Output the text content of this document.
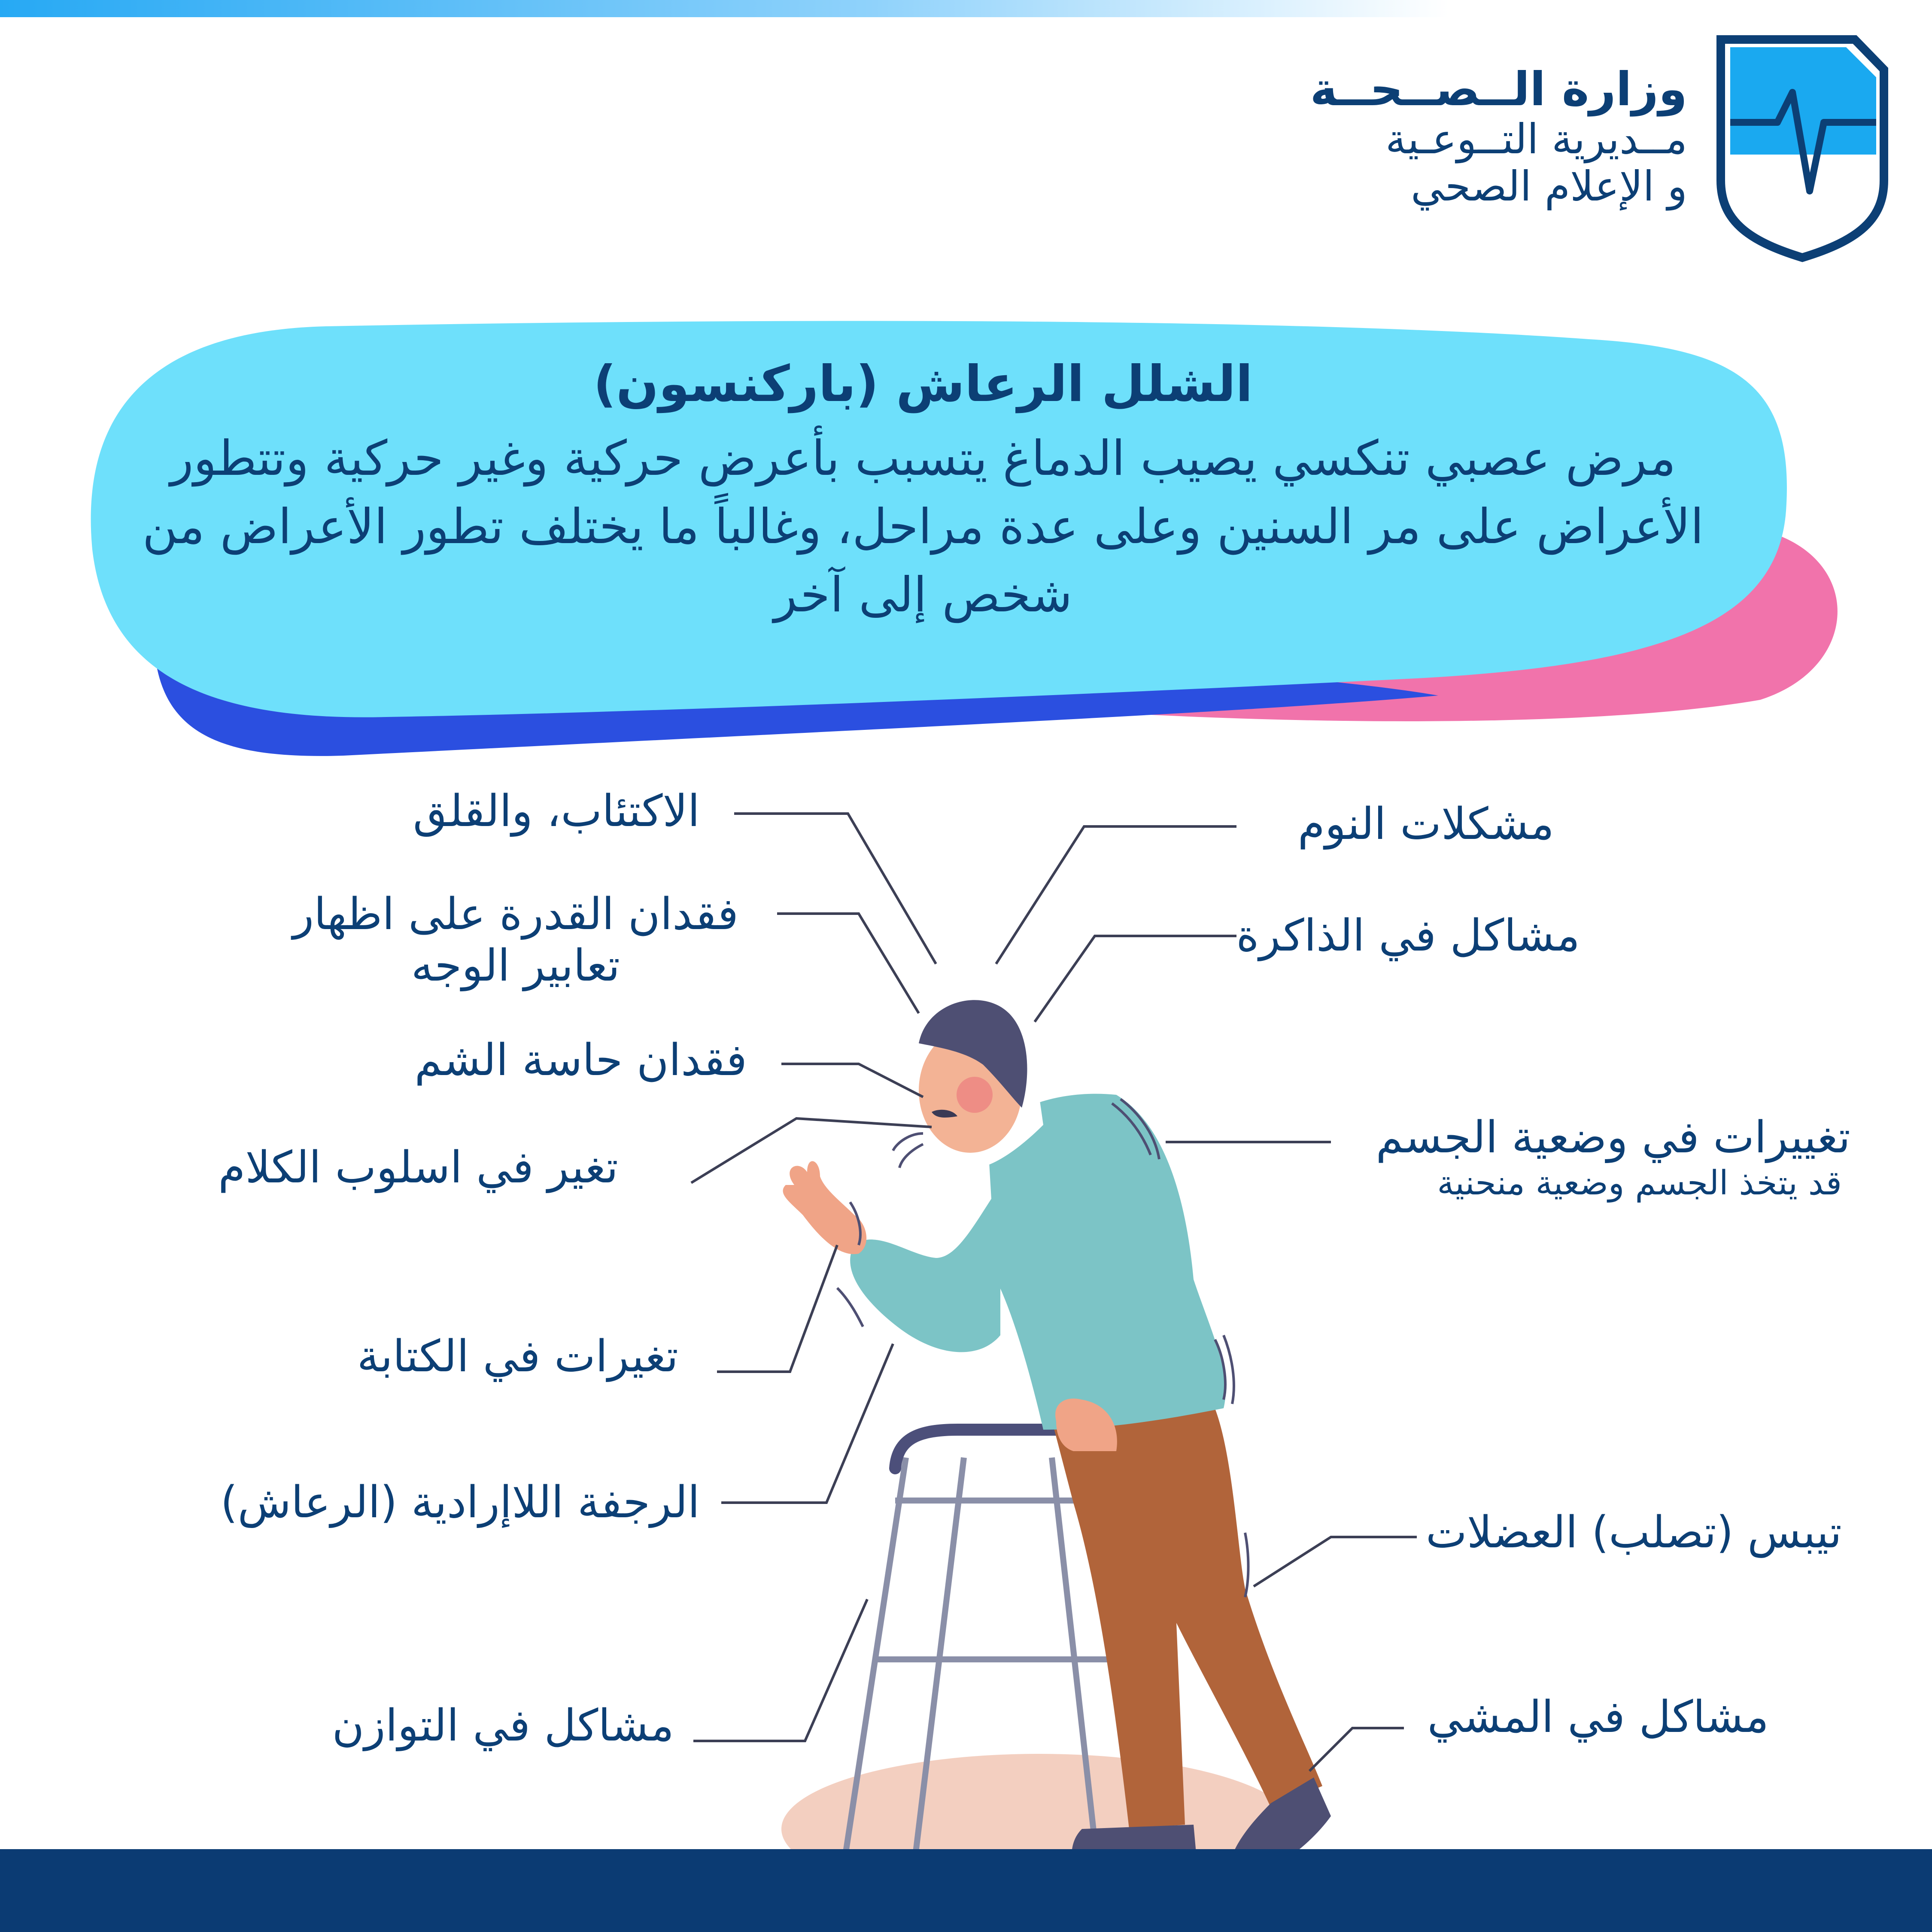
وزارة الــصــحــة
مــديرية التــوعـية
و الإعلام الصحي
الشلل الرعاش (باركنسون)
مرض عصبي تنكسي يصيب الدماغ يتسبب بأعرض حركية وغير حركية وتتطور الأعراض على مر السنين وعلى عدة مراحل، وغالباً ما يختلف تطور الأعراض من شخص إلى آخر
الاكتئاب، والقلق
فقدان القدرة على اظهار
تعابير الوجه
فقدان حاسة الشم
تغير في اسلوب الكلام
تغيرات في الكتابة
الرجفة اللاإرادية (الرعاش)
مشاكل في التوازن
مشكلات النوم
مشاكل في الذاكرة
تغييرات في وضعية الجسم
قد يتخذ الجسم وضعية منحنية
تيبس (تصلب) العضلات
مشاكل في المشي
